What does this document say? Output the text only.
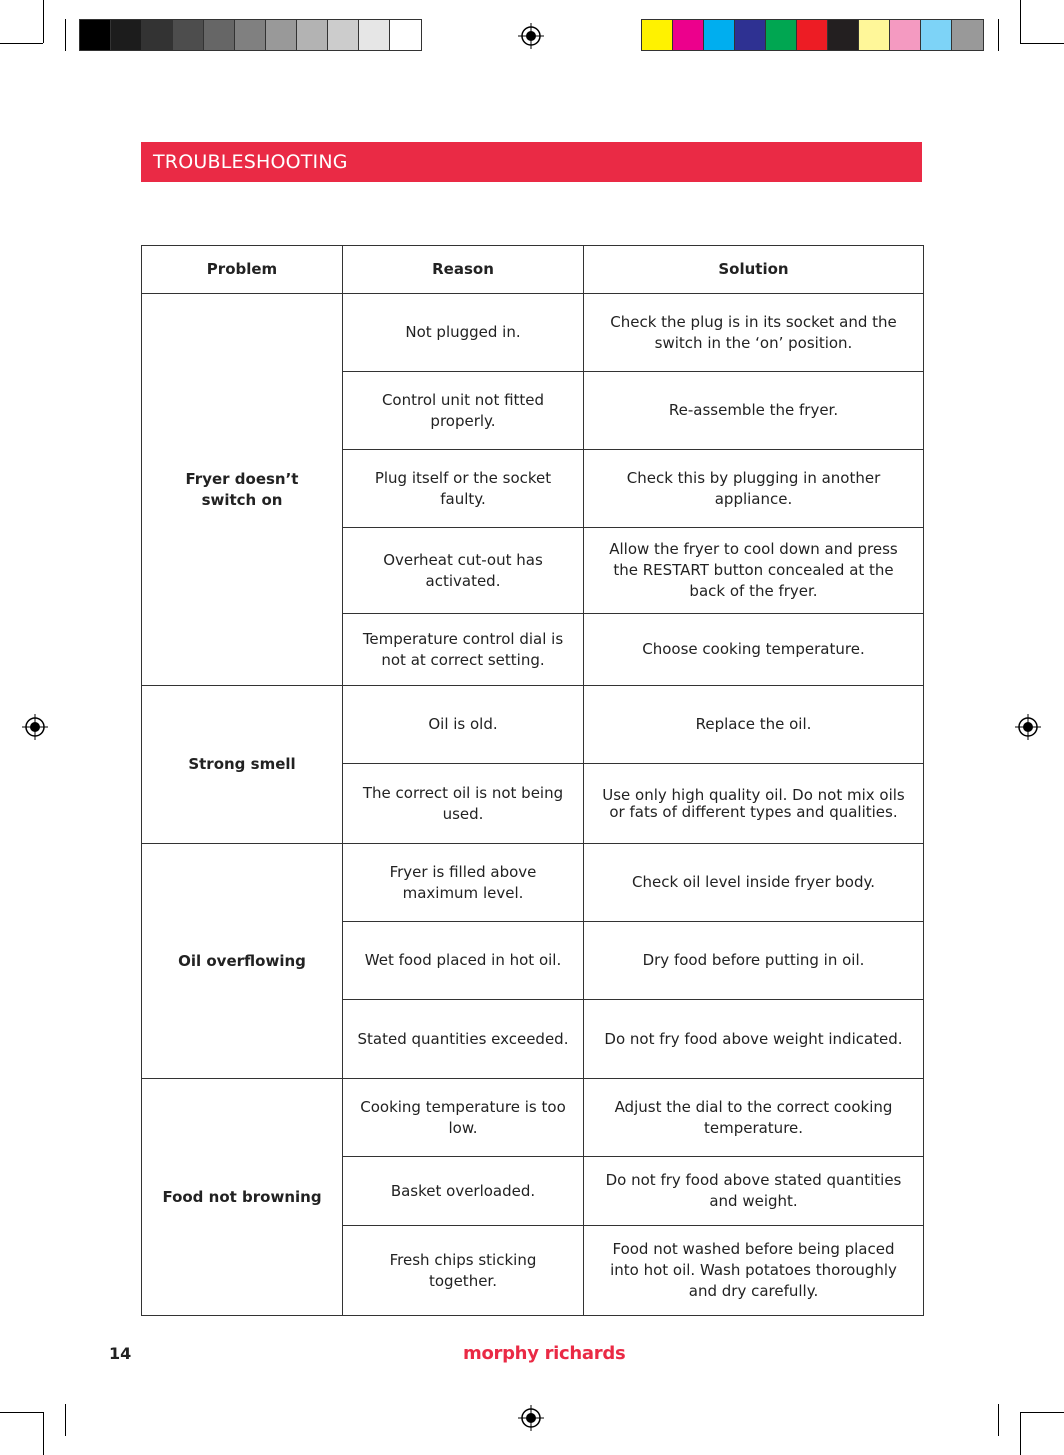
TROUBLESHOOTING
Problem	Reason	Solution
Fryer doesn’t switch on	Not plugged in.	Check the plug is in its socket and the switch in the ‘on’ position.
	Control unit not fitted properly.	Re-assemble the fryer.
	Plug itself or the socket faulty.	Check this by plugging in another appliance.
	Overheat cut-out has activated.	Allow the fryer to cool down and press the RESTART button concealed at the back of the fryer.
	Temperature control dial is not at correct setting.	Choose cooking temperature.
Strong smell	Oil is old.	Replace the oil.
	The correct oil is not being used.	Use only high quality oil. Do not mix oils or fats of different types and qualities.
Oil overflowing	Fryer is filled above maximum level.	Check oil level inside fryer body.
	Wet food placed in hot oil.	Dry food before putting in oil.
	Stated quantities exceeded.	Do not fry food above weight indicated.
Food not browning	Cooking temperature is too low.	Adjust the dial to the correct cooking temperature.
	Basket overloaded.	Do not fry food above stated quantities and weight.
	Fresh chips sticking together.	Food not washed before being placed into hot oil. Wash potatoes thoroughly and dry carefully.
14	morphy richards
